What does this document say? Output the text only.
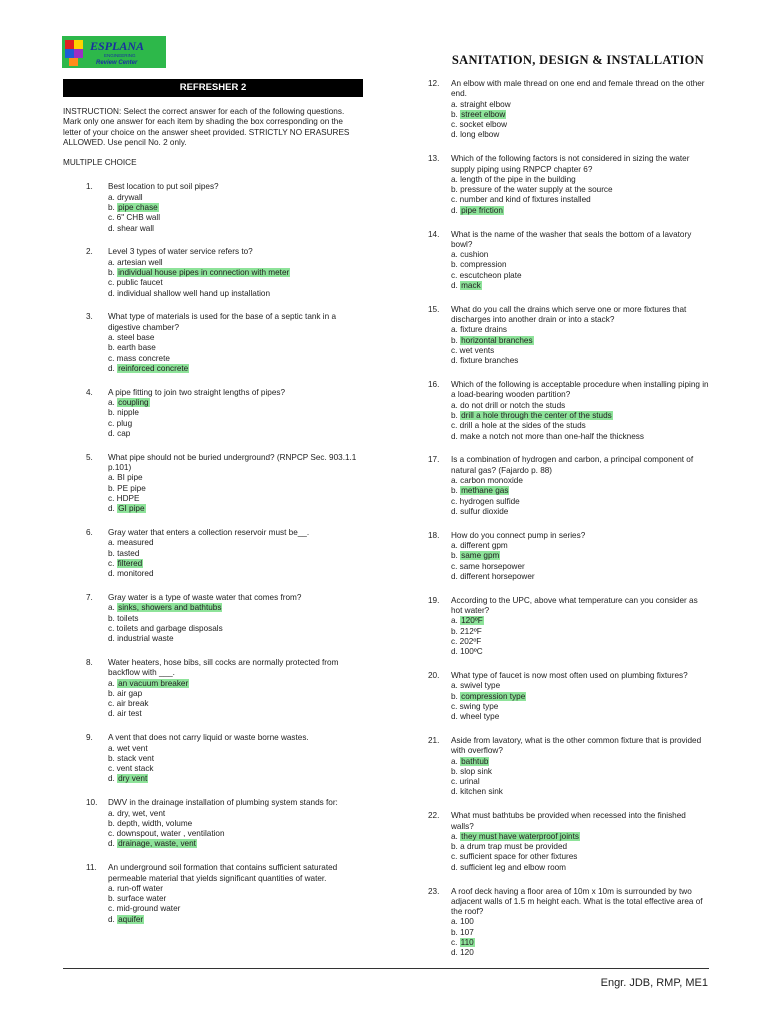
ESPLANA
ENGINEERING
Review Center	SANITATION, DESIGN & INSTALLATION
REFRESHER 2
INSTRUCTION: Select the correct answer for each of the following questions. Mark only one answer for each item by shading the box corresponding on the letter of your choice on the answer sheet provided. STRICTLY NO ERASURES ALLOWED. Use pencil No. 2 only.
MULTIPLE CHOICE
1. Best location to put soil pipes?
a. drywall
b. pipe chase
c. 6" CHB wall
d. shear wall
2. Level 3 types of water service refers to?
a. artesian well
b. individual house pipes in connection with meter
c. public faucet
d. individual shallow well hand up installation
3. What type of materials is used for the base of a septic tank in a digestive chamber?
a. steel base
b. earth base
c. mass concrete
d. reinforced concrete
4. A pipe fitting to join two straight lengths of pipes?
a. coupling
b. nipple
c. plug
d. cap
5. What pipe should not be buried underground? (RNPCP Sec. 903.1.1 p.101)
a. BI pipe
b. PE pipe
c. HDPE
d. GI pipe
6. Gray water that enters a collection reservoir must be__.
a. measured
b. tasted
c. filtered
d. monitored
7. Gray water is a type of waste water that comes from?
a. sinks, showers and bathtubs
b. toilets
c. toilets and garbage disposals
d. industrial waste
8. Water heaters, hose bibs, sill cocks are normally protected from backflow with ___.
a. an vacuum breaker
b. air gap
c. air break
d. air test
9. A vent that does not carry liquid or waste borne wastes.
a. wet vent
b. stack vent
c. vent stack
d. dry vent
10. DWV in the drainage installation of plumbing system stands for:
a. dry, wet, vent
b. depth, width, volume
c. downspout, water , ventilation
d. drainage, waste, vent
11. An underground soil formation that contains sufficient saturated permeable material that yields significant quantities of water.
a. run-off water
b. surface water
c. mid-ground water
d. aquifer
12. An elbow with male thread on one end and female thread on the other end.
a. straight elbow
b. street elbow
c. socket elbow
d. long elbow
13. Which of the following factors is not considered in sizing the water supply piping using RNPCP chapter 6?
a. length of the pipe in the building
b. pressure of the water supply at the source
c. number and kind of fixtures installed
d. pipe friction
14. What is the name of the washer that seals the bottom of a lavatory bowl?
a. cushion
b. compression
c. escutcheon plate
d. mack
15. What do you call the drains which serve one or more fixtures that discharges into another drain or into a stack?
a. fixture drains
b. horizontal branches
c. wet vents
d. fixture branches
16. Which of the following is acceptable procedure when installing piping in a load-bearing wooden partition?
a. do not drill or notch the studs
b. drill a hole through the center of the studs
c. drill a hole at the sides of the studs
d. make a notch not more than one-half the thickness
17. Is a combination of hydrogen and carbon, a principal component of natural gas? (Fajardo p. 88)
a. carbon monoxide
b. methane gas
c. hydrogen sulfide
d. sulfur dioxide
18. How do you connect pump in series?
a. different gpm
b. same gpm
c. same horsepower
d. different horsepower
19. According to the UPC, above what temperature can you consider as hot water?
a. 120ºF
b. 212ºF
c. 202ºF
d. 100ºC
20. What type of faucet is now most often used on plumbing fixtures?
a. swivel type
b. compression type
c. swing type
d. wheel type
21. Aside from lavatory, what is the other common fixture that is provided with overflow?
a. bathtub
b. slop sink
c. urinal
d. kitchen sink
22. What must bathtubs be provided when recessed into the finished walls?
a. they must have waterproof joints
b. a drum trap must be provided
c. sufficient space for other fixtures
d. sufficient leg and elbow room
23. A roof deck having a floor area of 10m x 10m is surrounded by two adjacent walls of 1.5 m height each. What is the total effective area of the roof?
a. 100
b. 107
c. 110
d. 120
Engr. JDB, RMP, ME1
